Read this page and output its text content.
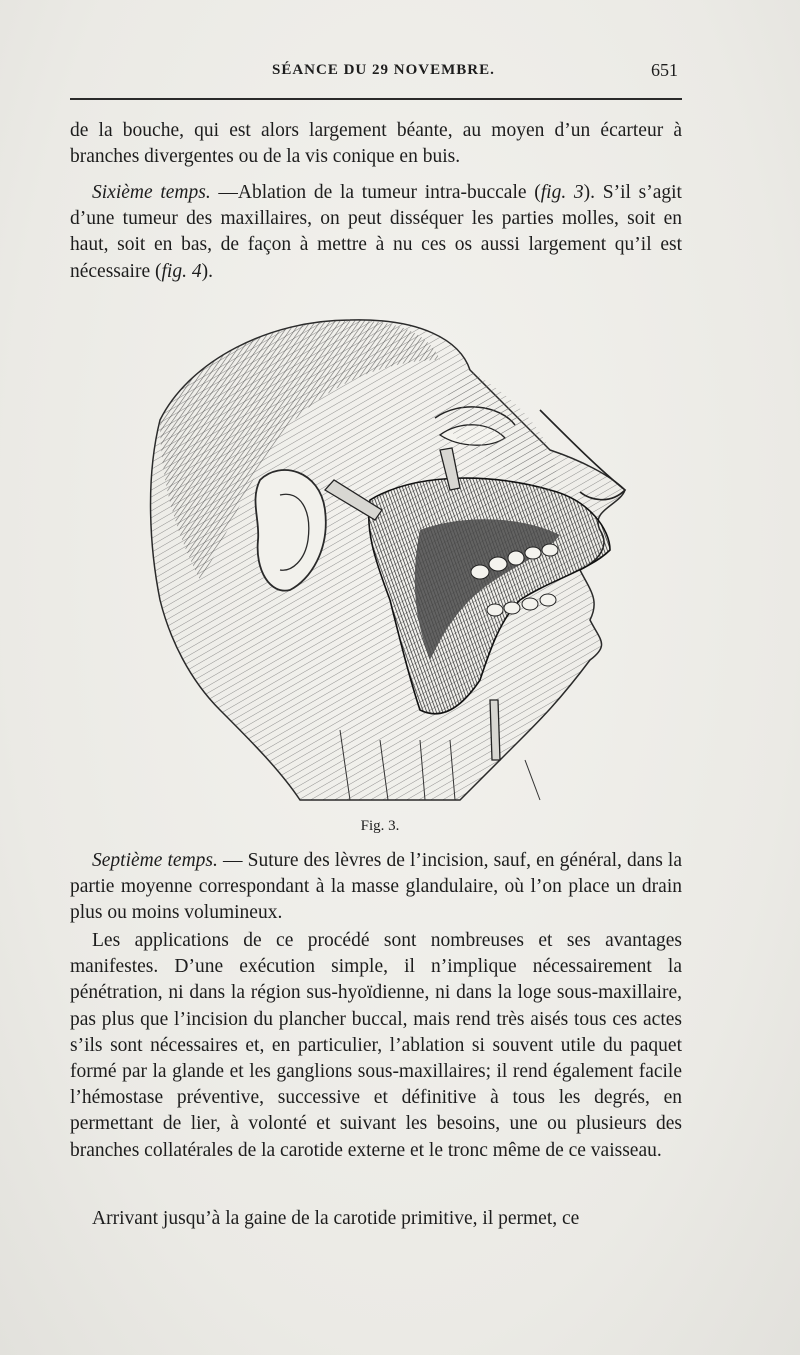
SÉANCE DU 29 NOVEMBRE.	651

de la bouche, qui est alors largement béante, au moyen d’un écarteur à branches divergentes ou de la vis conique en buis.

Sixième temps. —Ablation de la tumeur intra-buccale (fig. 3). S’il s’agit d’une tumeur des maxillaires, on peut disséquer les parties molles, soit en haut, soit en bas, de façon à mettre à nu ces os aussi largement qu’il est nécessaire (fig. 4).

Fig. 3.

Septième temps. — Suture des lèvres de l’incision, sauf, en général, dans la partie moyenne correspondant à la masse glandulaire, où l’on place un drain plus ou moins volumineux.

Les applications de ce procédé sont nombreuses et ses avantages manifestes. D’une exécution simple, il n’implique nécessairement la pénétration, ni dans la région sus-hyoïdienne, ni dans la loge sous-maxillaire, pas plus que l’incision du plancher buccal, mais rend très aisés tous ces actes s’ils sont nécessaires et, en particulier, l’ablation si souvent utile du paquet formé par la glande et les ganglions sous-maxillaires; il rend également facile l’hémostase préventive, successive et définitive à tous les degrés, en permettant de lier, à volonté et suivant les besoins, une ou plusieurs des branches collatérales de la carotide externe et le tronc même de ce vaisseau.

Arrivant jusqu’à la gaine de la carotide primitive, il permet, ce
